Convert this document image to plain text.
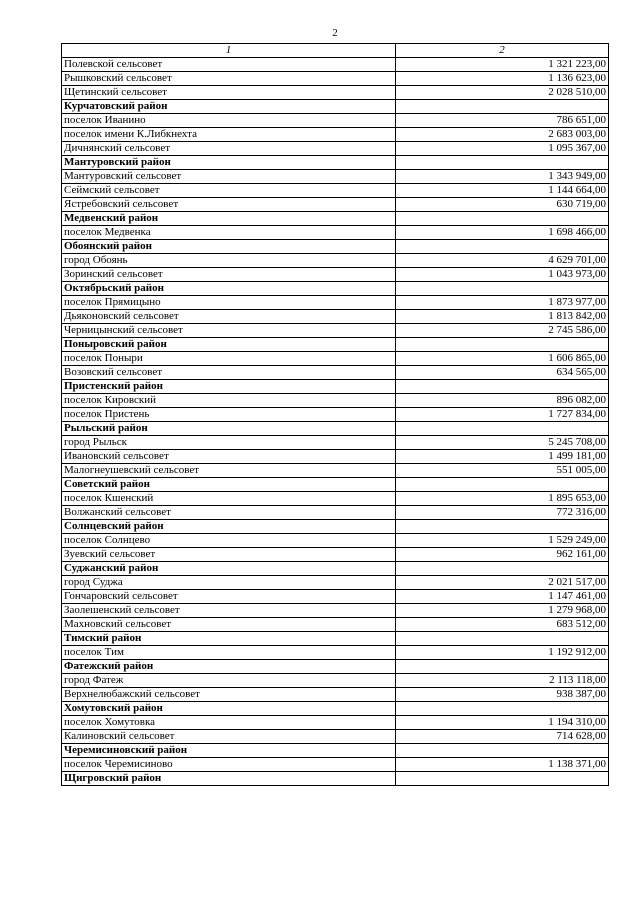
2
1	2
Полевской сельсовет	1 321 223,00
Рышковский сельсовет	1 136 623,00
Щетинский сельсовет	2 028 510,00
Курчатовский район	
поселок Иванино	786 651,00
поселок имени К.Либкнехта	2 683 003,00
Дичнянский сельсовет	1 095 367,00
Мантуровский район	
Мантуровский сельсовет	1 343 949,00
Сеймский сельсовет	1 144 664,00
Ястребовский сельсовет	630 719,00
Медвенский район	
поселок Медвенка	1 698 466,00
Обоянский район	
город Обоянь	4 629 701,00
Зоринский сельсовет	1 043 973,00
Октябрьский район	
поселок Прямицыно	1 873 977,00
Дьяконовский сельсовет	1 813 842,00
Черницынский сельсовет	2 745 586,00
Поныровский район	
поселок Поныри	1 606 865,00
Возовский сельсовет	634 565,00
Пристенский район	
поселок Кировский	896 082,00
поселок Пристень	1 727 834,00
Рыльский район	
город Рыльск	5 245 708,00
Ивановский сельсовет	1 499 181,00
Малогнеушевский сельсовет	551 005,00
Советский район	
поселок Кшенский	1 895 653,00
Волжанский сельсовет	772 316,00
Солнцевский район	
поселок Солнцево	1 529 249,00
Зуевский сельсовет	962 161,00
Суджанский район	
город Суджа	2 021 517,00
Гончаровский сельсовет	1 147 461,00
Заолешенский сельсовет	1 279 968,00
Махновский сельсовет	683 512,00
Тимский район	
поселок Тим	1 192 912,00
Фатежский район	
город Фатеж	2 113 118,00
Верхнелюбажский сельсовет	938 387,00
Хомутовский район	
поселок Хомутовка	1 194 310,00
Калиновский сельсовет	714 628,00
Черемисиновский район	
поселок Черемисиново	1 138 371,00
Щигровский район	
